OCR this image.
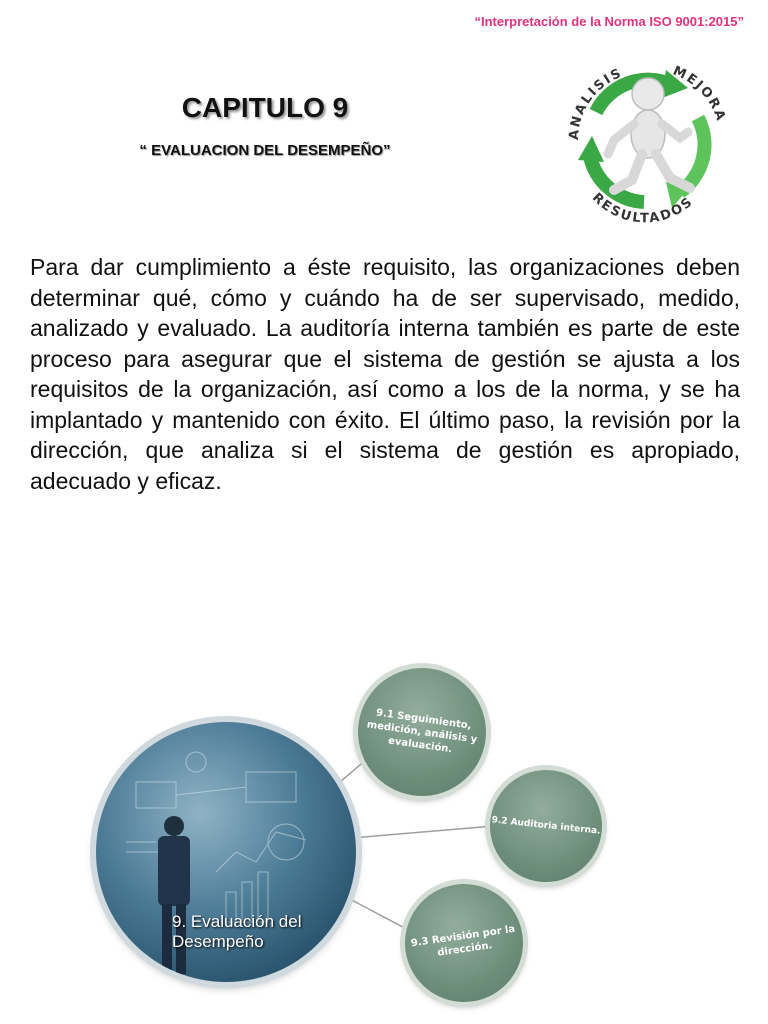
“Interpretación de la Norma ISO 9001:2015”
CAPITULO 9
“ EVALUACION DEL DESEMPEÑO”
ANALISIS	MEJORA
RESULTADOS

Para dar cumplimiento a éste requisito, las organizaciones deben determinar qué, cómo y cuándo ha de ser supervisado, medido, analizado y evaluado. La auditoría interna también es parte de este proceso para asegurar que el sistema de gestión se ajusta a los requisitos de la organización, así como a los de la norma, y se ha implantado y mantenido con éxito. El último paso, la revisión por la dirección, que analiza si el sistema de gestión es apropiado, adecuado y eficaz.

9. Evaluación del Desempeño
9.1 Seguimiento, medición, análisis y evaluación.
9.2 Auditoria interna.
9.3 Revisión por la dirección.
